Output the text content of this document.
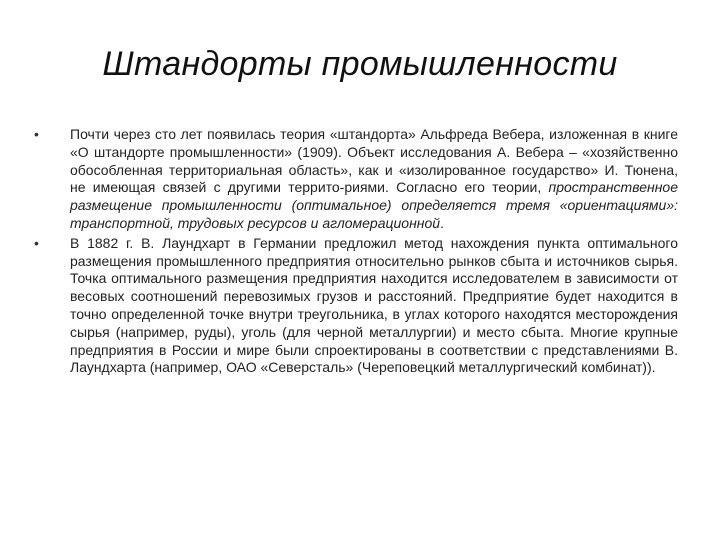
Штандорты промышленности
• Почти через сто лет появилась теория «штандорта» Альфреда Вебера, изложенная в книге «О штандорте промышленности» (1909). Объект исследования А. Вебера – «хозяйственно обособленная территориальная область», как и «изолированное государство» И. Тюнена, не имеющая связей с другими террито-риями. Согласно его теории, пространственное размещение промышленности (оптимальное) определяется тремя «ориентациями»: транспортной, трудовых ресурсов и агломерационной.
• В 1882 г. В. Лаундхарт в Германии предложил метод нахождения пункта оптимального размещения промышленного предприятия относительно рынков сбыта и источников сырья. Точка оптимального размещения предприятия находится исследователем в зависимости от весовых соотношений перевозимых грузов и расстояний. Предприятие будет находится в точно определенной точке внутри треугольника, в углах которого находятся месторождения сырья (например, руды), уголь (для черной металлургии) и место сбыта. Многие крупные предприятия в России и мире были спроектированы в соответствии с представлениями В. Лаундхарта (например, ОАО «Северсталь» (Череповецкий металлургический комбинат)).
